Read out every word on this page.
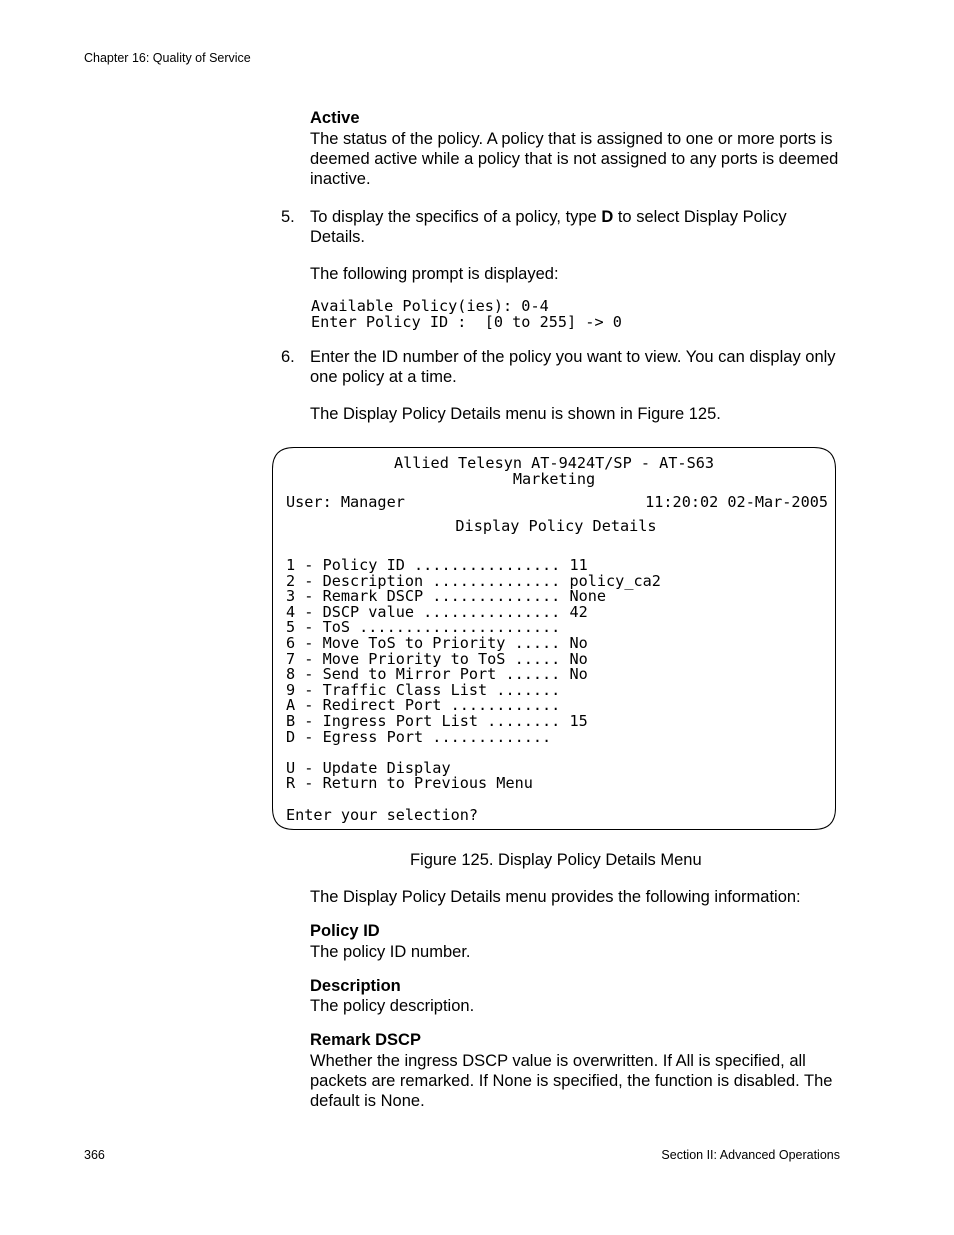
Chapter 16: Quality of Service
Active
The status of the policy. A policy that is assigned to one or more ports is deemed active while a policy that is not assigned to any ports is deemed inactive.
5. To display the specifics of a policy, type D to select Display Policy Details.
The following prompt is displayed:
Available Policy(ies): 0-4
Enter Policy ID :  [0 to 255] -> 0
6. Enter the ID number of the policy you want to view. You can display only one policy at a time.
The Display Policy Details menu is shown in Figure 125.
Allied Telesyn AT-9424T/SP - AT-S63
Marketing
User: Manager	11:20:02 02-Mar-2005
Display Policy Details
1 - Policy ID ................ 11
2 - Description .............. policy_ca2
3 - Remark DSCP .............. None
4 - DSCP value ............... 42
5 - ToS ......................
6 - Move ToS to Priority ..... No
7 - Move Priority to ToS ..... No
8 - Send to Mirror Port ...... No
9 - Traffic Class List .......
A - Redirect Port ............
B - Ingress Port List ........ 15
D - Egress Port .............
U - Update Display
R - Return to Previous Menu
Enter your selection?
Figure 125. Display Policy Details Menu
The Display Policy Details menu provides the following information:
Policy ID
The policy ID number.
Description
The policy description.
Remark DSCP
Whether the ingress DSCP value is overwritten. If All is specified, all packets are remarked. If None is specified, the function is disabled. The default is None.
366	Section II: Advanced Operations
